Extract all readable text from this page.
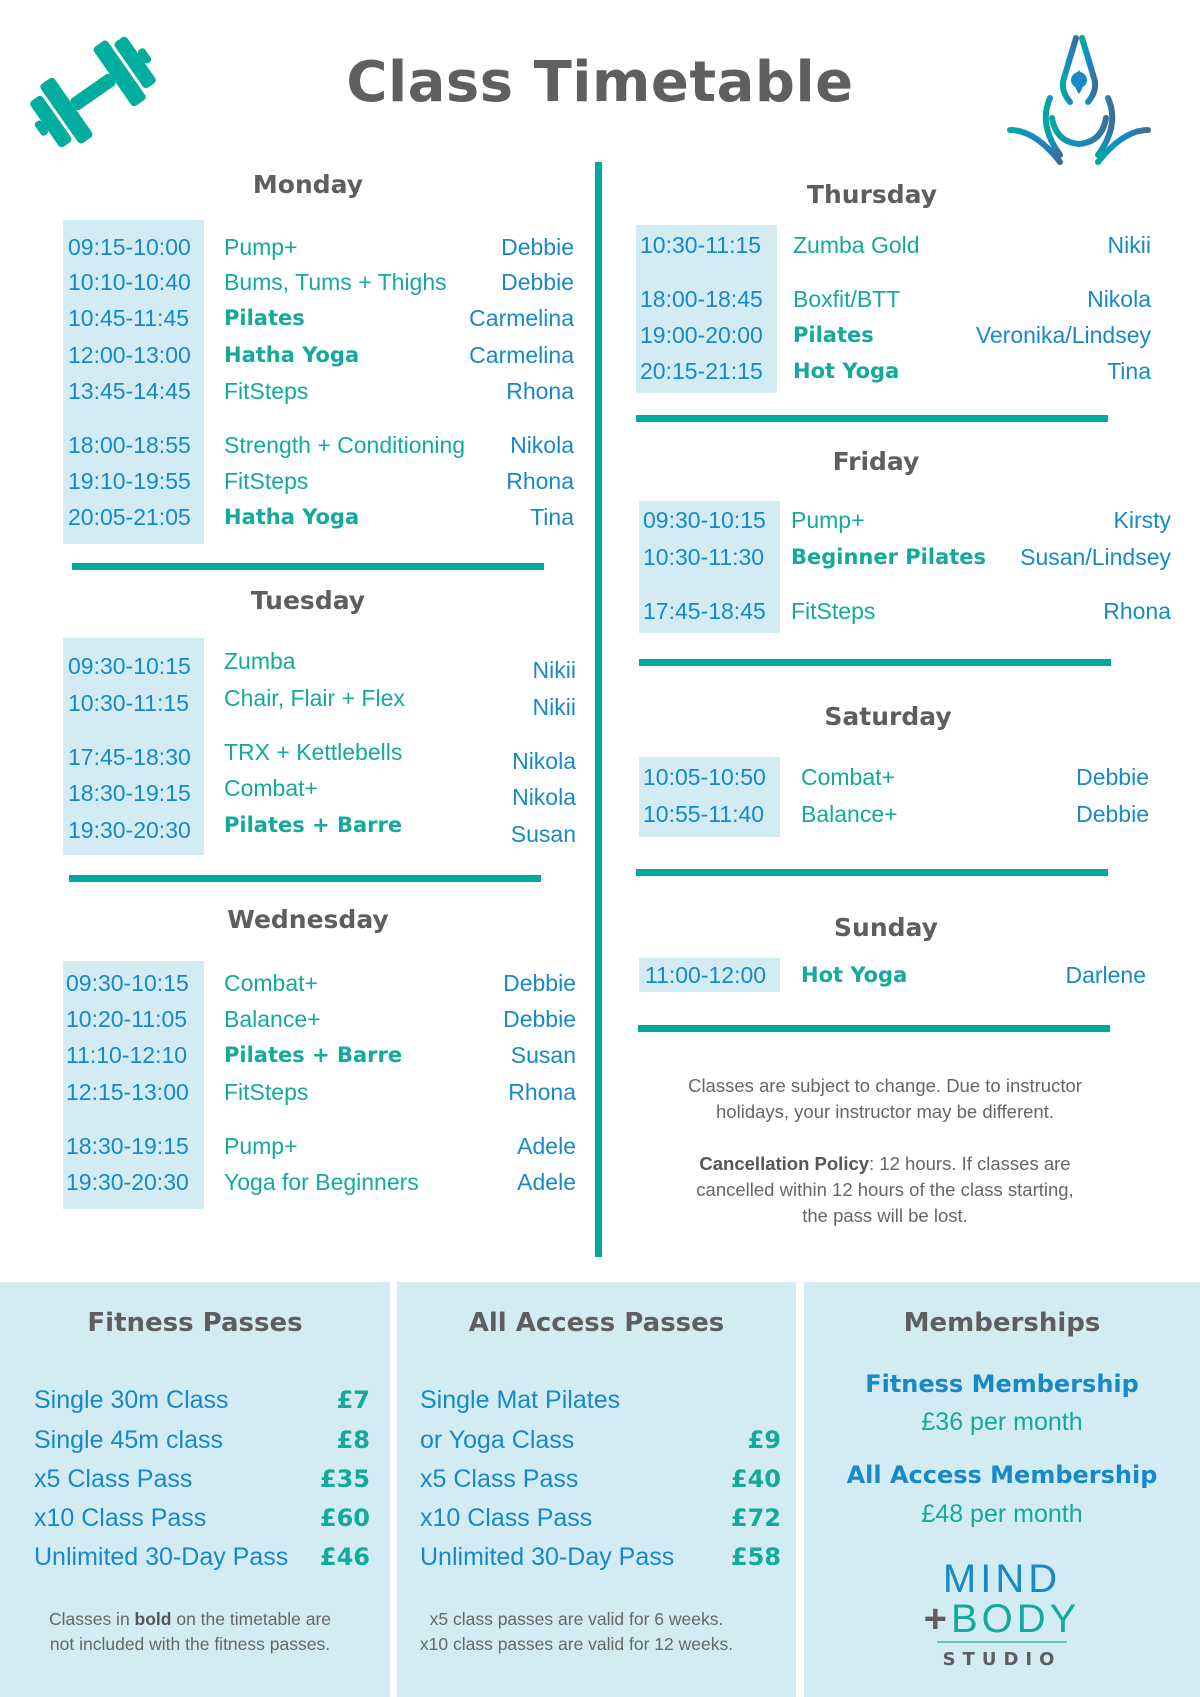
Class Timetable
Monday
09:15-10:00 Pump+	Debbie
10:10-10:40 Bums, Tums + Thighs Debbie
10:45-11:45 Pilates	Carmelina
12:00-13:00 Hatha Yoga	Carmelina
13:45-14:45 FitSteps	Rhona
18:00-18:55 Strength + Conditioning Nikola
19:10-19:55 FitSteps	Rhona
20:05-21:05 Hatha Yoga	Tina
Tuesday
09:30-10:15 Zumba	Nikii
10:30-11:15 Chair, Flair + Flex	Nikii
17:45-18:30 TRX + Kettlebells	Nikola
18:30-19:15 Combat+	Nikola
19:30-20:30 Pilates + Barre	Susan
Wednesday
09:30-10:15 Combat+	Debbie
10:20-11:05 Balance+	Debbie
11:10-12:10 Pilates + Barre	Susan
12:15-13:00 FitSteps	Rhona
18:30-19:15 Pump+	Adele
19:30-20:30 Yoga for Beginners	Adele
Thursday
10:30-11:15 Zumba Gold	Nikii
18:00-18:45 Boxfit/BTT	Nikola
19:00-20:00 Pilates	Veronika/Lindsey
20:15-21:15 Hot Yoga	Tina
Friday
09:30-10:15 Pump+	Kirsty
10:30-11:30 Beginner Pilates Susan/Lindsey
17:45-18:45 FitSteps	Rhona
Saturday
10:05-10:50 Combat+	Debbie
10:55-11:40 Balance+	Debbie
Sunday
11:00-12:00 Hot Yoga	Darlene
Classes are subject to change. Due to instructor
holidays, your instructor may be different.
Cancellation Policy: 12 hours. If classes are
cancelled within 12 hours of the class starting,
the pass will be lost.
Fitness Passes
Single 30m Class	£7
Single 45m class	£8
x5 Class Pass	£35
x10 Class Pass	£60
Unlimited 30-Day Pass £46
Classes in bold on the timetable are
not included with the fitness passes.
All Access Passes
Single Mat Pilates
or Yoga Class	£9
x5 Class Pass	£40
x10 Class Pass	£72
Unlimited 30-Day Pass £58
x5 class passes are valid for 6 weeks.
x10 class passes are valid for 12 weeks.
Memberships
Fitness Membership
£36 per month
All Access Membership
£48 per month
MIND
+BODY
STUDIO
